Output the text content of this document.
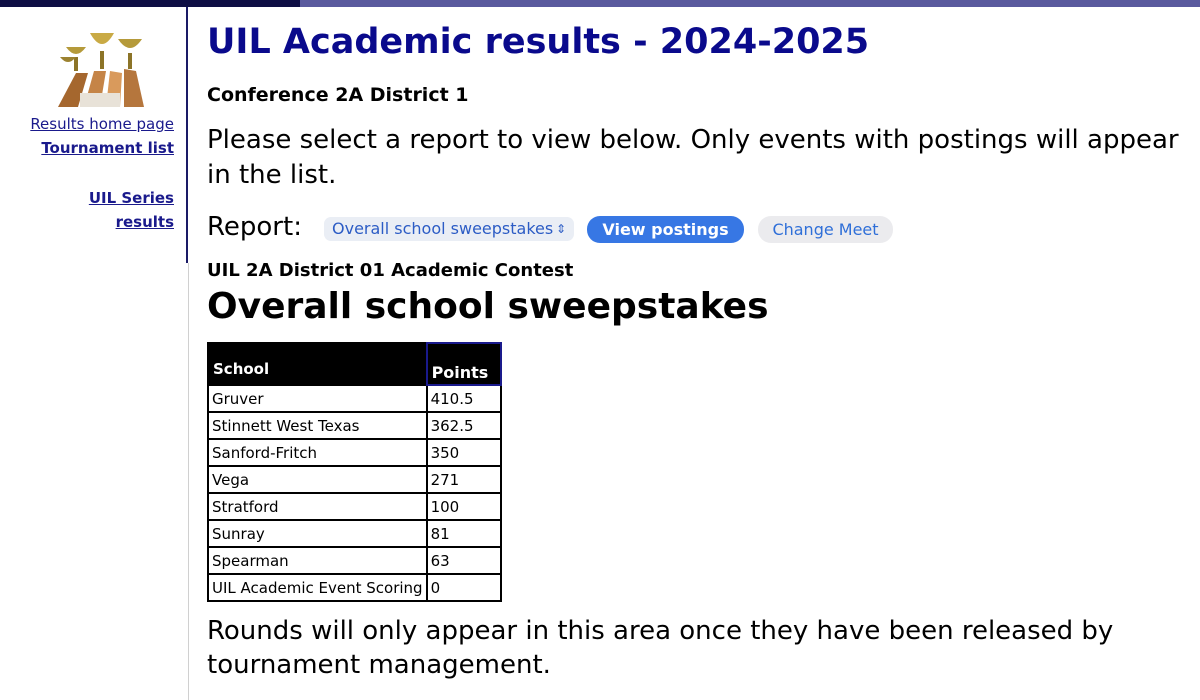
Results home page
Tournament list
UIL Series
results
UIL Academic results - 2024-2025
Conference 2A District 1
Please select a report to view below. Only events with postings will appear in the list.
Report:	Overall school sweepstakes ⇕	View postings	Change Meet
UIL 2A District 01 Academic Contest
Overall school sweepstakes
School	Points
Gruver	410.5
Stinnett West Texas	362.5
Sanford-Fritch	350
Vega	271
Stratford	100
Sunray	81
Spearman	63
UIL Academic Event Scoring	0
Rounds will only appear in this area once they have been released by tournament management.
